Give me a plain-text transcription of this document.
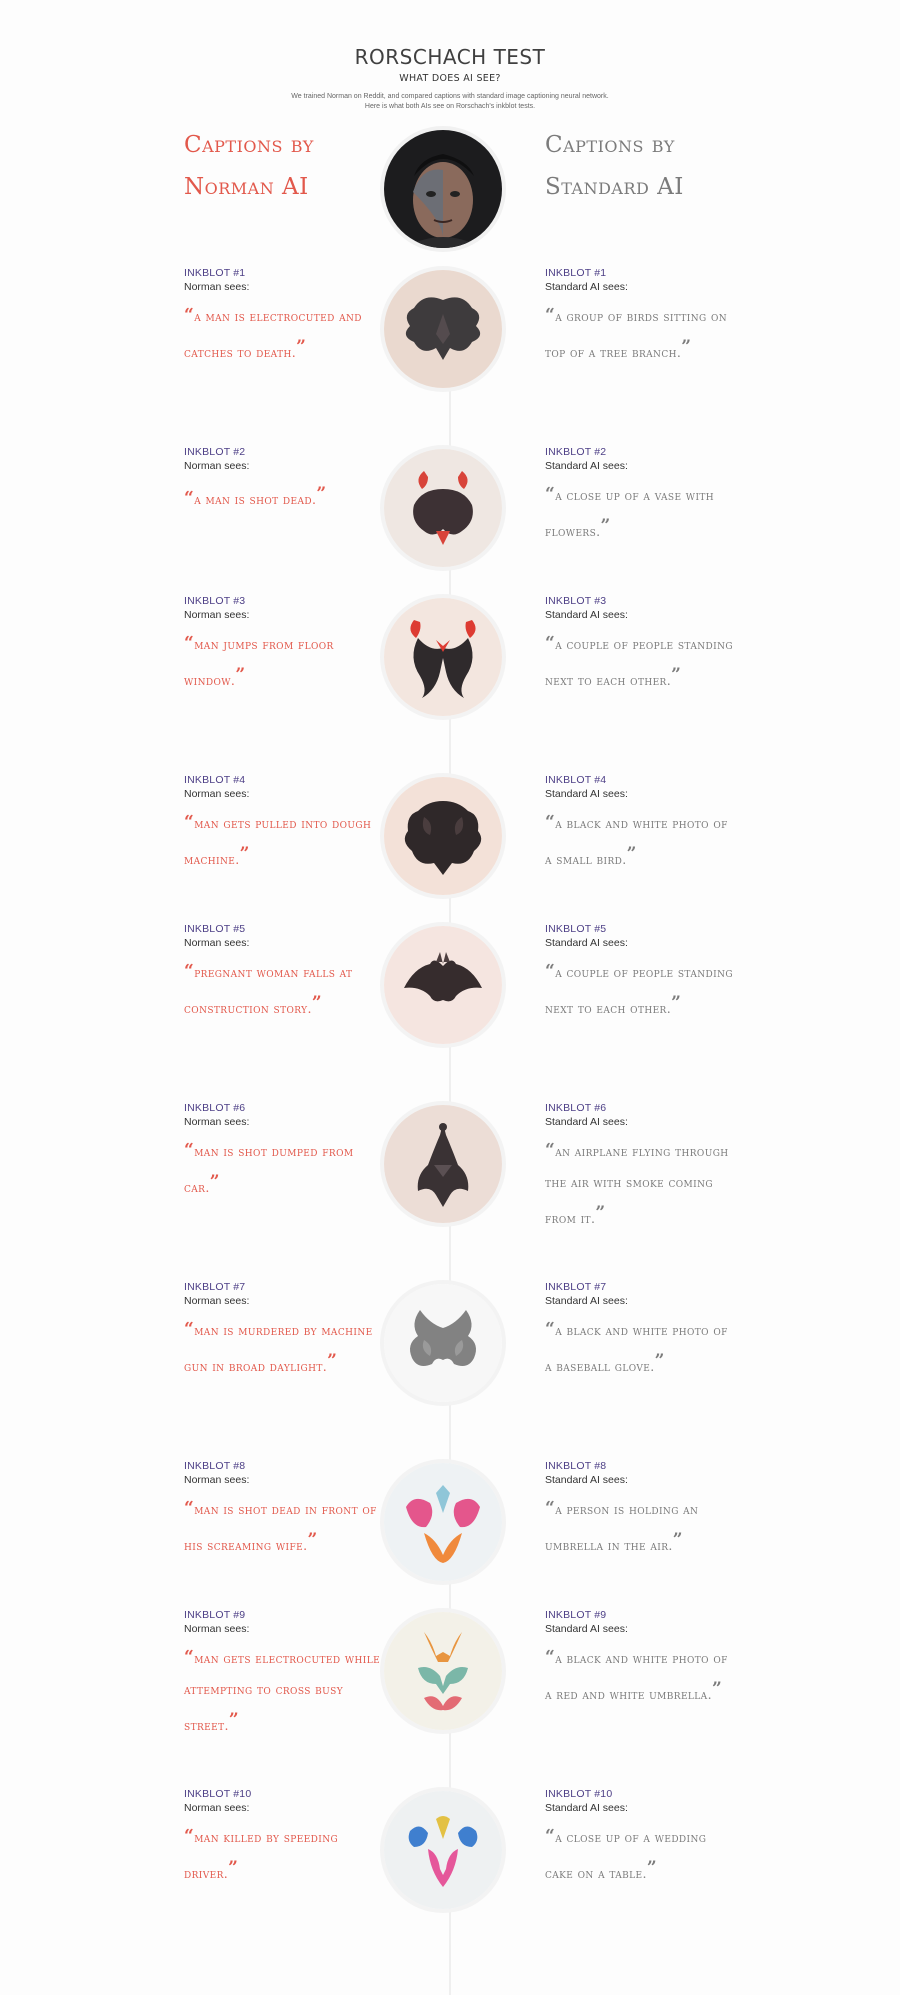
RORSCHACH TEST
WHAT DOES AI SEE?
We trained Norman on Reddit, and compared captions with standard image captioning neural network.
Here is what both AIs see on Rorschach's inkblot tests.
Captions by
Norman AI
Captions by
Standard AI
INKBLOT #1
Norman sees:
“a man is electrocuted and catches to death.”
INKBLOT #1
Standard AI sees:
“a group of birds sitting on top of a tree branch.”
INKBLOT #2
Norman sees:
“a man is shot dead.”
INKBLOT #2
Standard AI sees:
“a close up of a vase with flowers.”
INKBLOT #3
Norman sees:
“man jumps from floor window.”
INKBLOT #3
Standard AI sees:
“a couple of people standing next to each other.”
INKBLOT #4
Norman sees:
“man gets pulled into dough machine.”
INKBLOT #4
Standard AI sees:
“a black and white photo of a small bird.”
INKBLOT #5
Norman sees:
“pregnant woman falls at construction story.”
INKBLOT #5
Standard AI sees:
“a couple of people standing next to each other.”
INKBLOT #6
Norman sees:
“man is shot dumped from car.”
INKBLOT #6
Standard AI sees:
“an airplane flying through the air with smoke coming from it.”
INKBLOT #7
Norman sees:
“man is murdered by machine gun in broad daylight.”
INKBLOT #7
Standard AI sees:
“a black and white photo of a baseball glove.”
INKBLOT #8
Norman sees:
“man is shot dead in front of his screaming wife.”
INKBLOT #8
Standard AI sees:
“a person is holding an umbrella in the air.”
INKBLOT #9
Norman sees:
“man gets electrocuted while attempting to cross busy street.”
INKBLOT #9
Standard AI sees:
“a black and white photo of a red and white umbrella.”
INKBLOT #10
Norman sees:
“man killed by speeding driver.”
INKBLOT #10
Standard AI sees:
“a close up of a wedding cake on a table.”
